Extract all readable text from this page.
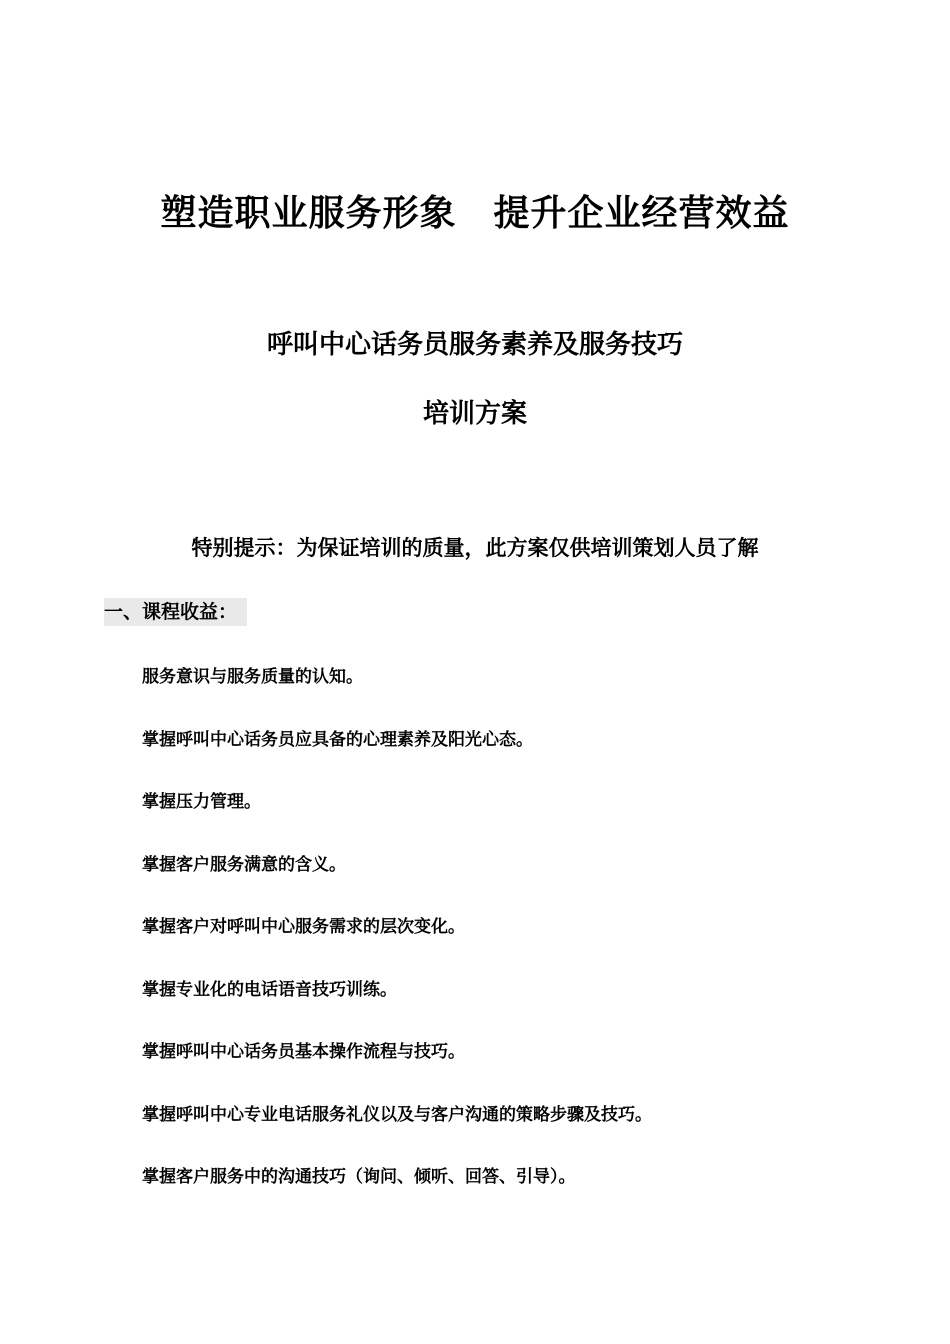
塑造职业服务形象　提升企业经营效益
呼叫中心话务员服务素养及服务技巧
培训方案
特别提示：为保证培训的质量，此方案仅供培训策划人员了解
一、课程收益：
服务意识与服务质量的认知。
掌握呼叫中心话务员应具备的心理素养及阳光心态。
掌握压力管理。
掌握客户服务满意的含义。
掌握客户对呼叫中心服务需求的层次变化。
掌握专业化的电话语音技巧训练。
掌握呼叫中心话务员基本操作流程与技巧。
掌握呼叫中心专业电话服务礼仪以及与客户沟通的策略步骤及技巧。
掌握客户服务中的沟通技巧（询问、倾听、回答、引导）。
